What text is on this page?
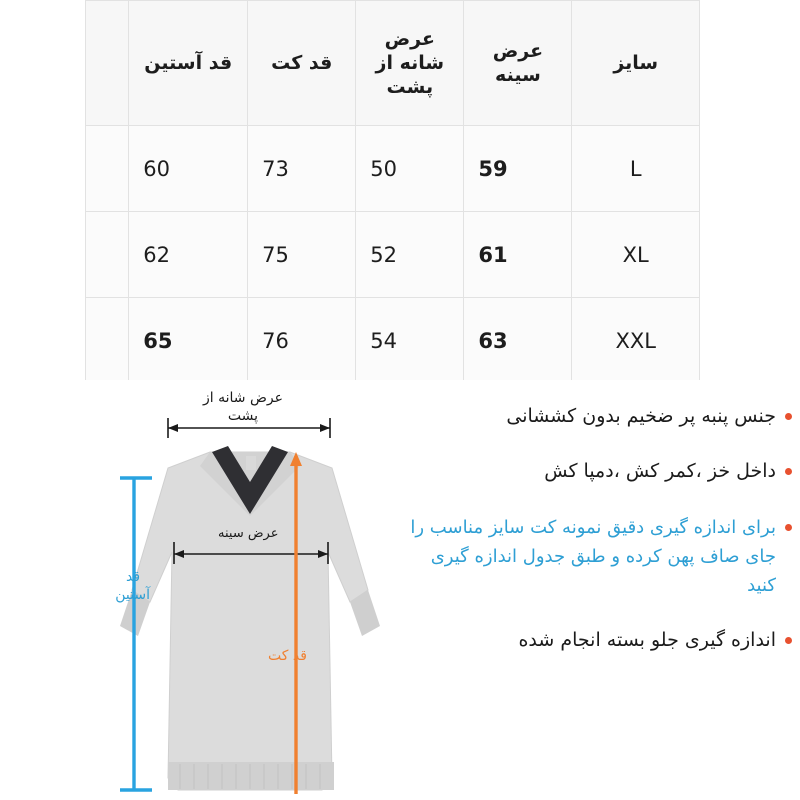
سایز	عرض سینه	عرض شانه از پشت	قد کت	قد آستین	
L	59	50	73	60	
XL	61	52	75	62	
XXL	63	54	76	65	

جنس پنبه پر ضخیم بدون کششانی
داخل خز ،کمر کش ،دمپا کش
برای اندازه گیری دقیق نمونه کت سایز مناسب را جای صاف پهن کرده و طبق جدول اندازه گیری کنید
اندازه گیری جلو بسته انجام شده
عرض شانه از پشت
عرض سینه
قد آستین
قد کت
